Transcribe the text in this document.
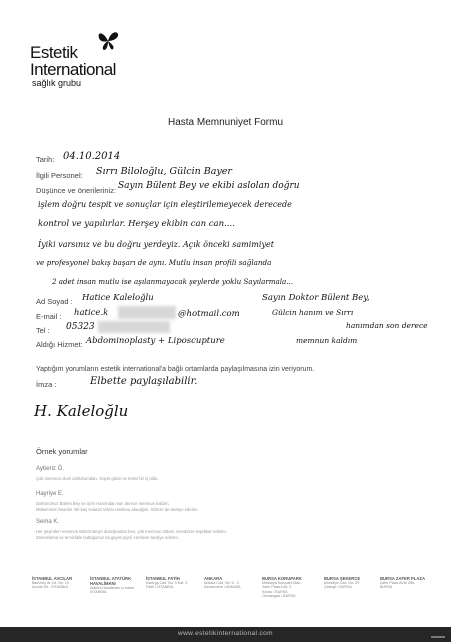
Estetik
International
sağlık grubu
Hasta Memnuniyet Formu
Tarih: 04.10.2014
İlgili Personel: Sırrı Biloloğlu, Gülcin Bayer
Düşünce ve önerileriniz: Sayın Bülent Bey ve ekibi aslolan doğru
işlem doğru tespit ve sonuçlar için eleştirilemeyecek derecede
kontrol ve yapılırlar. Herşey ekibin can can....
İyiki varsınız ve bu doğru yerdeyiz. Açık önceki samimiyet
ve profesyonel bakış başarı de aynı. Mutlu insan profili sağlanda
2 adet insan mutlu ise aşılanmayacak şeylerde yoklu Sayılarmala...
Ad Soyad : Hatice Kaleloğlu	Sayın Doktor Bülent Bey,
E-mail : hatice.k	@hotmail.com	Gülcin hanım ve Sırrı
Tel : 05323	hanımdan son derece
Aldığı Hizmet: Abdominoplasty + Liposcupture	memnun kaldım
Yaptığım yorumların estetik international'a bağlı ortamlarda paylaşılmasına izin veriyorum.
İmza :	Elbette paylaşılabilir.
H. Kaleloğlu
Örnek yorumlar
Ayberiz Ö.
Çok memnun olum doktorumdan. Gayet güzel ve temiz bir iş oldu.
Hayriye E.
Doktorumuz Bülent Bey ve Şirin Hanımdan son derece memnun kaldım.
Mükemmel insanlar. Bir kaç sularan tekrar randevu alacağım. Sizlere de tavsiye ederim.
Sema K.
Her şeyinden memnun Bülent Beyin duruşlundan ben, çok memnun oldum. Kendinize teşekkür ederim.
Zamanlama ve temizlikle buttuğunuz da gayet iyiydi. Herkese tavsiye ederim.
İSTANBUL AVCILAR
Bakırköy ile Cd. No: 14
Avcılar Sit - İSTANBUL
İSTANBUL ATATÜRK HAVALİMANI
Atatürk Havalimanı iç hatlar
İSTANBUL
İSTANBUL FATİH
Kadırga Cad. No: 9 Kat: 3
Fatih / İSTANBUL
ANKARA
Ankara Cad. No: 5 - 3
Kavaklıdere / ANKARA
BURSA KORUPARK
Mudanya Korupark Mah.
Zafer Plaza Kat: 3
Konak / BURSA
Osmangazi / BURSA
BURSA ŞEKERCE
Muradiye Cad. No: 29
Çekirge / BURSA
BURSA ZAFER PLAZA
Zafer Plaza AVM Ofis: BURSA
www.estetikinternational.com
